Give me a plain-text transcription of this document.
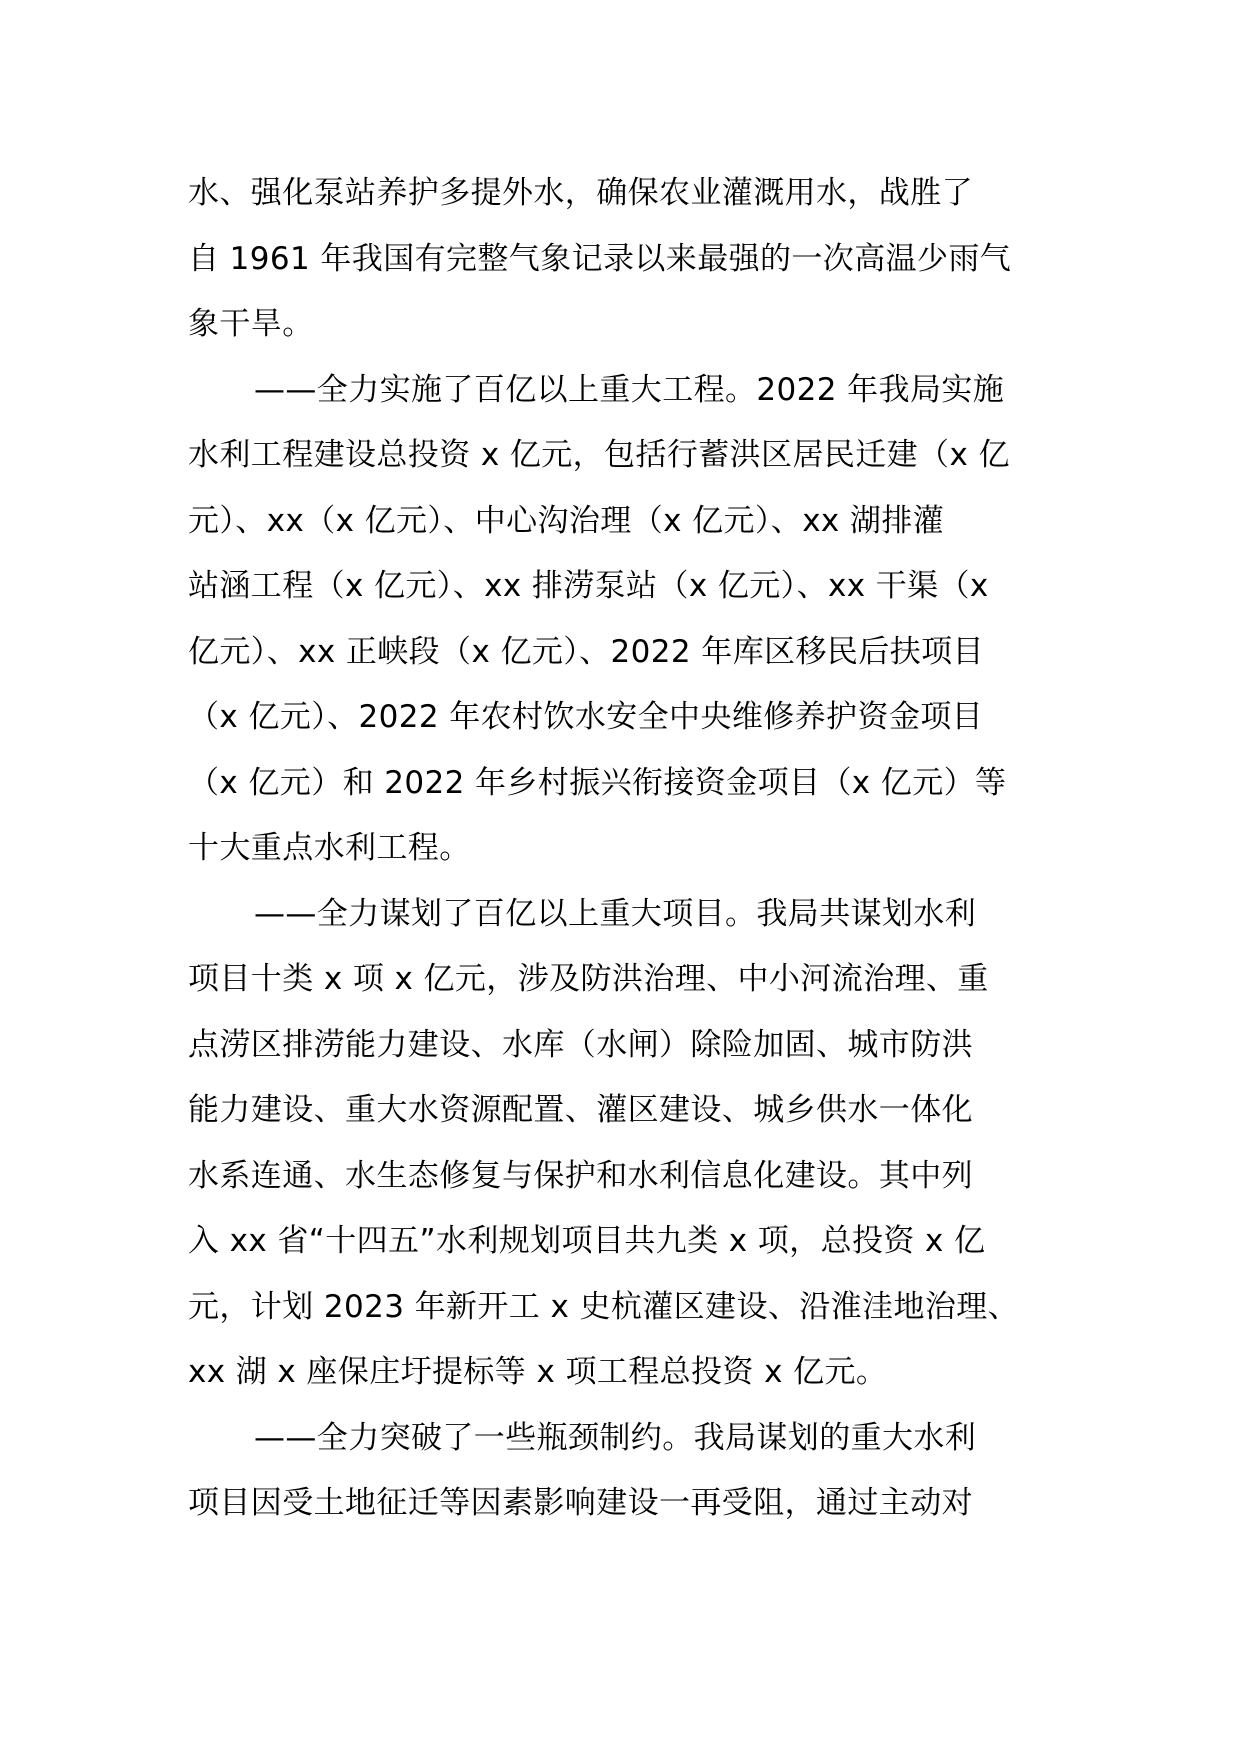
水、强化泵站养护多提外水，确保农业灌溉用水，战胜了
自 1961 年我国有完整气象记录以来最强的一次高温少雨气
象干旱。
——全力实施了百亿以上重大工程。2022 年我局实施
水利工程建设总投资 x 亿元，包括行蓄洪区居民迁建（x 亿
元）、xx（x 亿元）、中心沟治理（x 亿元）、xx 湖排灌
站涵工程（x 亿元）、xx 排涝泵站（x 亿元）、xx 干渠（x
亿元）、xx 正峡段（x 亿元）、2022 年库区移民后扶项目
（x 亿元）、2022 年农村饮水安全中央维修养护资金项目
（x 亿元）和 2022 年乡村振兴衔接资金项目（x 亿元）等
十大重点水利工程。
——全力谋划了百亿以上重大项目。我局共谋划水利
项目十类 x 项 x 亿元，涉及防洪治理、中小河流治理、重
点涝区排涝能力建设、水库（水闸）除险加固、城市防洪
能力建设、重大水资源配置、灌区建设、城乡供水一体化
水系连通、水生态修复与保护和水利信息化建设。其中列
入 xx 省“十四五”水利规划项目共九类 x 项，总投资 x 亿
元，计划 2023 年新开工 x 史杭灌区建设、沿淮洼地治理、
xx 湖 x 座保庄圩提标等 x 项工程总投资 x 亿元。
——全力突破了一些瓶颈制约。我局谋划的重大水利
项目因受土地征迁等因素影响建设一再受阻，通过主动对
